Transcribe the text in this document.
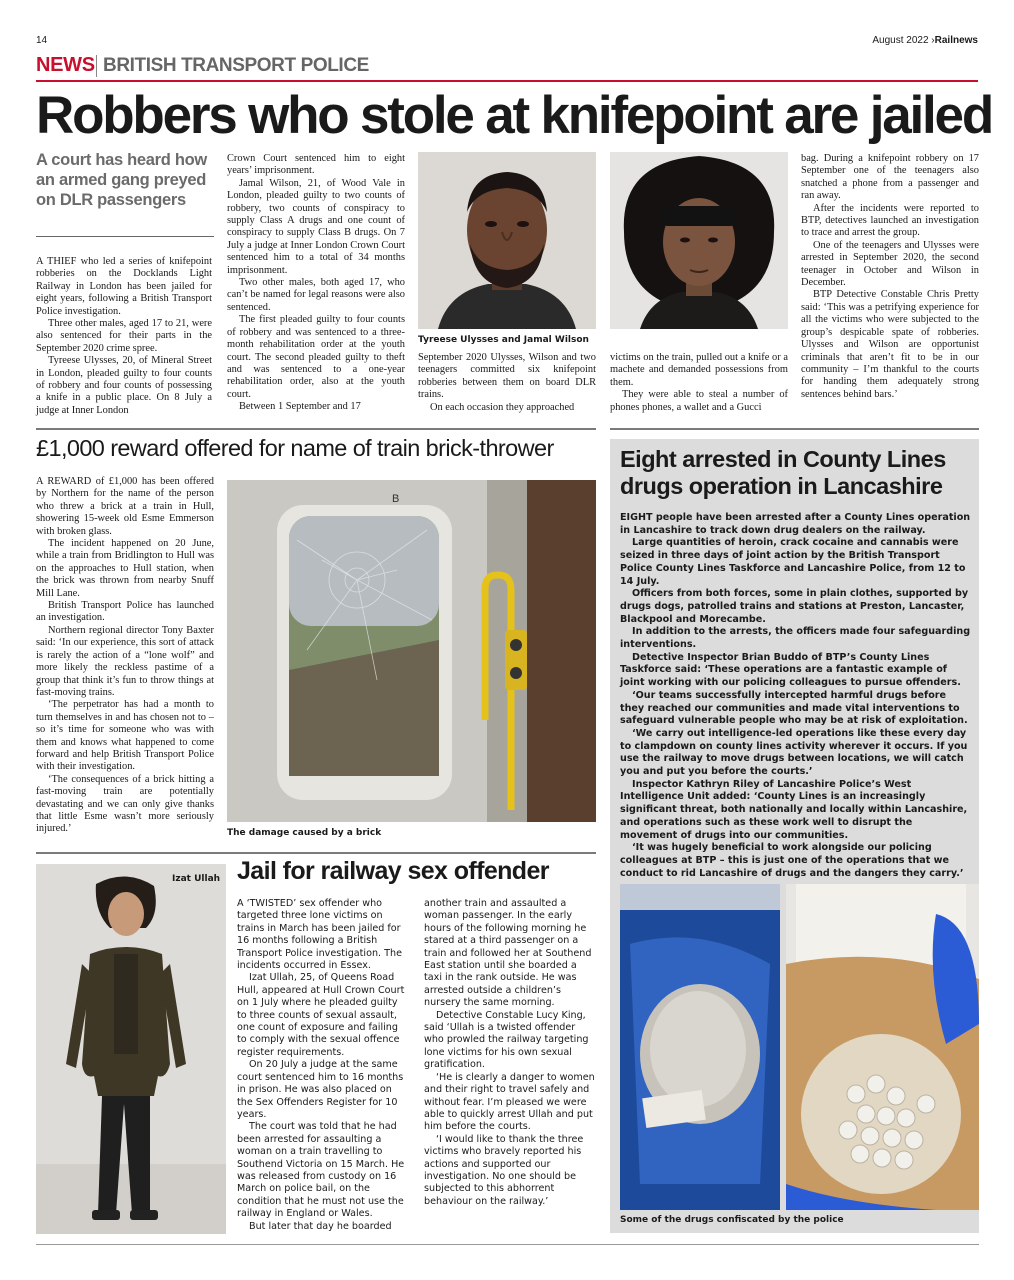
14	August 2022 ›Railnews
NEWS BRITISH TRANSPORT POLICE
Robbers who stole at knifepoint are jailed
A court has heard how an armed gang preyed on DLR passengers

A THIEF who led a series of knifepoint robberies on the Docklands Light Railway in London has been jailed for eight years, following a British Transport Police investigation.

Three other males, aged 17 to 21, were also sentenced for their parts in the September 2020 crime spree.

Tyreese Ulysses, 20, of Mineral Street in London, pleaded guilty to four counts of robbery and four counts of possessing a knife in a public place. On 8 July a judge at Inner London

Crown Court sentenced him to eight years’ imprisonment.

Jamal Wilson, 21, of Wood Vale in London, pleaded guilty to two counts of robbery, two counts of conspiracy to supply Class A drugs and one count of conspiracy to supply Class B drugs. On 7 July a judge at Inner London Crown Court sentenced him to a total of 34 months imprisonment.

Two other males, both aged 17, who can’t be named for legal reasons were also sentenced.

The first pleaded guilty to four counts of robbery and was sentenced to a three-month rehabilitation order at the youth court. The second pleaded guilty to theft and was sentenced to a one-year rehabilitation order, also at the youth court.

Between 1 September and 17

Tyreese Ulysses and Jamal Wilson

September 2020 Ulysses, Wilson and two teenagers committed six knifepoint robberies between them on board DLR trains.

On each occasion they approached

victims on the train, pulled out a knife or a machete and demanded possessions from them.

They were able to steal a number of phones phones, a wallet and a Gucci

bag. During a knifepoint robbery on 17 September one of the teenagers also snatched a phone from a passenger and ran away.

After the incidents were reported to BTP, detectives launched an investigation to trace and arrest the group.

One of the teenagers and Ulysses were arrested in September 2020, the second teenager in October and Wilson in December.

BTP Detective Constable Chris Pretty said: ‘This was a petrifying experience for all the victims who were subjected to the group’s despicable spate of robberies. Ulysses and Wilson are opportunist criminals that aren’t fit to be in our community – I’m thankful to the courts for handing them adequately strong sentences behind bars.’

£1,000 reward offered for name of train brick-thrower

A REWARD of £1,000 has been offered by Northern for the name of the person who threw a brick at a train in Hull, showering 15-week old Esme Emmerson with broken glass.

The incident happened on 20 June, while a train from Bridlington to Hull was on the approaches to Hull station, when the brick was thrown from nearby Snuff Mill Lane.

British Transport Police has launched an investigation.

Northern regional director Tony Baxter said: ‘In our experience, this sort of attack is rarely the action of a “lone wolf” and more likely the reckless pastime of a group that think it’s fun to throw things at fast-moving trains.

‘The perpetrator has had a month to turn themselves in and has chosen not to – so it’s time for someone who was with them and knows what happened to come forward and help British Transport Police with their investigation.

‘The consequences of a brick hitting a fast-moving train are potentially devastating and we can only give thanks that little Esme wasn’t more seriously injured.’

B
The damage caused by a brick
Eight arrested in County Lines
drugs operation in Lancashire

EIGHT people have been arrested after a County Lines operation in Lancashire to track down drug dealers on the railway.

Large quantities of heroin, crack cocaine and cannabis were seized in three days of joint action by the British Transport Police County Lines Taskforce and Lancashire Police, from 12 to 14 July.

Officers from both forces, some in plain clothes, supported by drugs dogs, patrolled trains and stations at Preston, Lancaster, Blackpool and Morecambe.

In addition to the arrests, the officers made four safeguarding interventions.

Detective Inspector Brian Buddo of BTP’s County Lines Taskforce said: ‘These operations are a fantastic example of joint working with our policing colleagues to pursue offenders.

‘Our teams successfully intercepted harmful drugs before they reached our communities and made vital interventions to safeguard vulnerable people who may be at risk of exploitation.

‘We carry out intelligence-led operations like these every day to clampdown on county lines activity wherever it occurs. If you use the railway to move drugs between locations, we will catch you and put you before the courts.’

Inspector Kathryn Riley of Lancashire Police’s West Intelligence Unit added: ‘County Lines is an increasingly significant threat, both nationally and locally within Lancashire, and operations such as these work well to disrupt the movement of drugs into our communities.

‘It was hugely beneficial to work alongside our policing colleagues at BTP – this is just one of the operations that we conduct to rid Lancashire of drugs and the dangers they carry.’

Some of the drugs confiscated by the police
Izat Ullah Jail for railway sex offender

A ‘TWISTED’ sex offender who targeted three lone victims on trains in March has been jailed for 16 months following a British Transport Police investigation. The incidents occurred in Essex.

Izat Ullah, 25, of Queens Road Hull, appeared at Hull Crown Court on 1 July where he pleaded guilty to three counts of sexual assault, one count of exposure and failing to comply with the sexual offence register requirements.

On 20 July a judge at the same court sentenced him to 16 months in prison. He was also placed on the Sex Offenders Register for 10 years.

The court was told that he had been arrested for assaulting a woman on a train travelling to Southend Victoria on 15 March. He was released from custody on 16 March on police bail, on the condition that he must not use the railway in England or Wales.

But later that day he boarded

another train and assaulted a woman passenger. In the early hours of the following morning he stared at a third passenger on a train and followed her at Southend East station until she boarded a taxi in the rank outside. He was arrested outside a children’s nursery the same morning.

Detective Constable Lucy King, said ‘Ullah is a twisted offender who prowled the railway targeting lone victims for his own sexual gratification.

‘He is clearly a danger to women and their right to travel safely and without fear. I’m pleased we were able to quickly arrest Ullah and put him before the courts.

‘I would like to thank the three victims who bravely reported his actions and supported our investigation. No one should be subjected to this abhorrent behaviour on the railway.’
